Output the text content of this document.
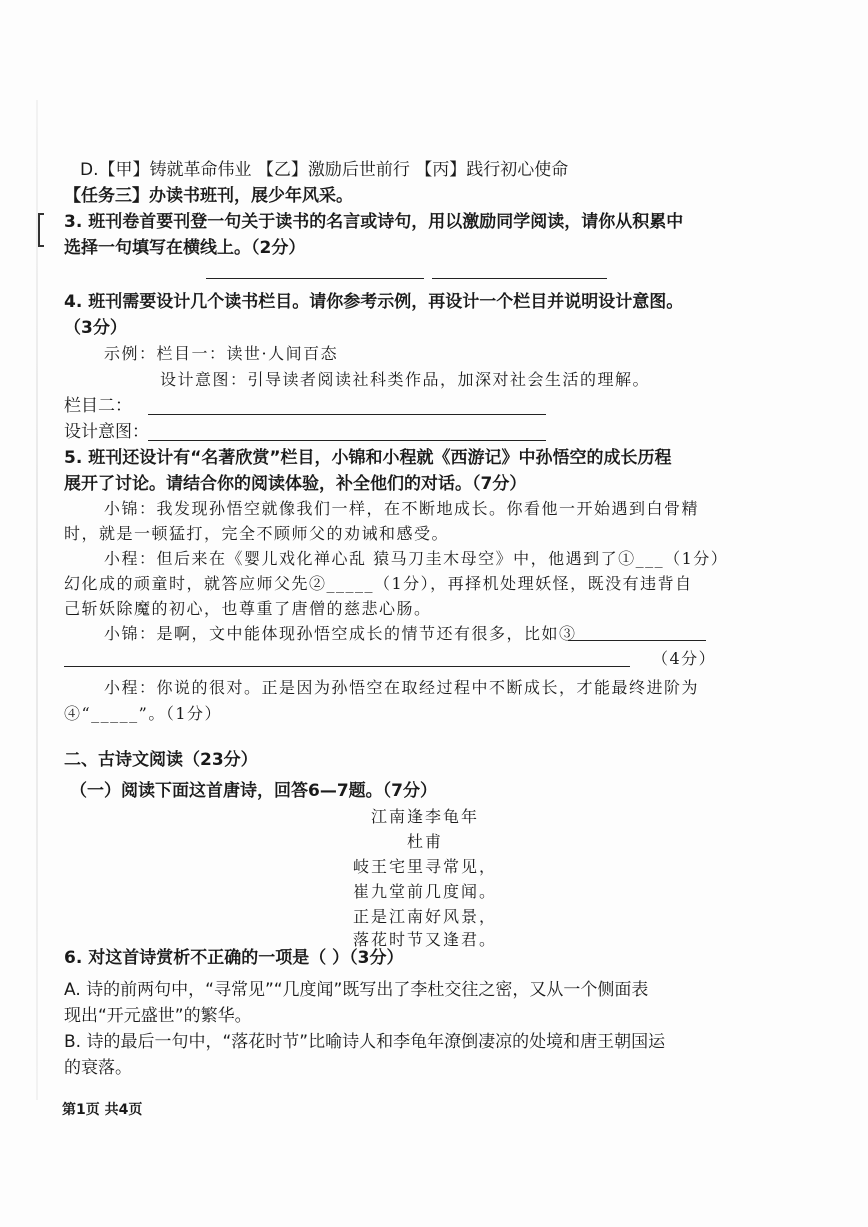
D.【甲】铸就革命伟业 【乙】激励后世前行 【丙】践行初心使命
【任务三】办读书班刊，展少年风采。
3. 班刊卷首要刊登一句关于读书的名言或诗句，用以激励同学阅读，请你从积累中
选择一句填写在横线上。（2分）
4. 班刊需要设计几个读书栏目。请你参考示例，再设计一个栏目并说明设计意图。
（3分）
示例：栏目一：读世·人间百态
设计意图：引导读者阅读社科类作品，加深对社会生活的理解。
栏目二：
设计意图：
5. 班刊还设计有“名著欣赏”栏目，小锦和小程就《西游记》中孙悟空的成长历程
展开了讨论。请结合你的阅读体验，补全他们的对话。（7分）
小锦：我发现孙悟空就像我们一样，在不断地成长。你看他一开始遇到白骨精
时，就是一顿猛打，完全不顾师父的劝诫和感受。
小程：但后来在《婴儿戏化禅心乱 猿马刀圭木母空》中，他遇到了①___（1分）
幻化成的顽童时，就答应师父先②_____（1分），再择机处理妖怪，既没有违背自
己斩妖除魔的初心，也尊重了唐僧的慈悲心肠。
小锦：是啊，文中能体现孙悟空成长的情节还有很多，比如③
（4分）
小程：你说的很对。正是因为孙悟空在取经过程中不断成长，才能最终进阶为
④“_____”。（1分）
二、古诗文阅读（23分）
（一）阅读下面这首唐诗，回答6—7题。（7分）
江南逢李龟年
杜甫
岐王宅里寻常见，
崔九堂前几度闻。
正是江南好风景，
落花时节又逢君。
6. 对这首诗赏析不正确的一项是（ ）（3分）
A. 诗的前两句中，“寻常见”“几度闻”既写出了李杜交往之密，又从一个侧面表
现出“开元盛世”的繁华。
B. 诗的最后一句中，“落花时节”比喻诗人和李龟年潦倒凄凉的处境和唐王朝国运
的衰落。
第1页 共4页
